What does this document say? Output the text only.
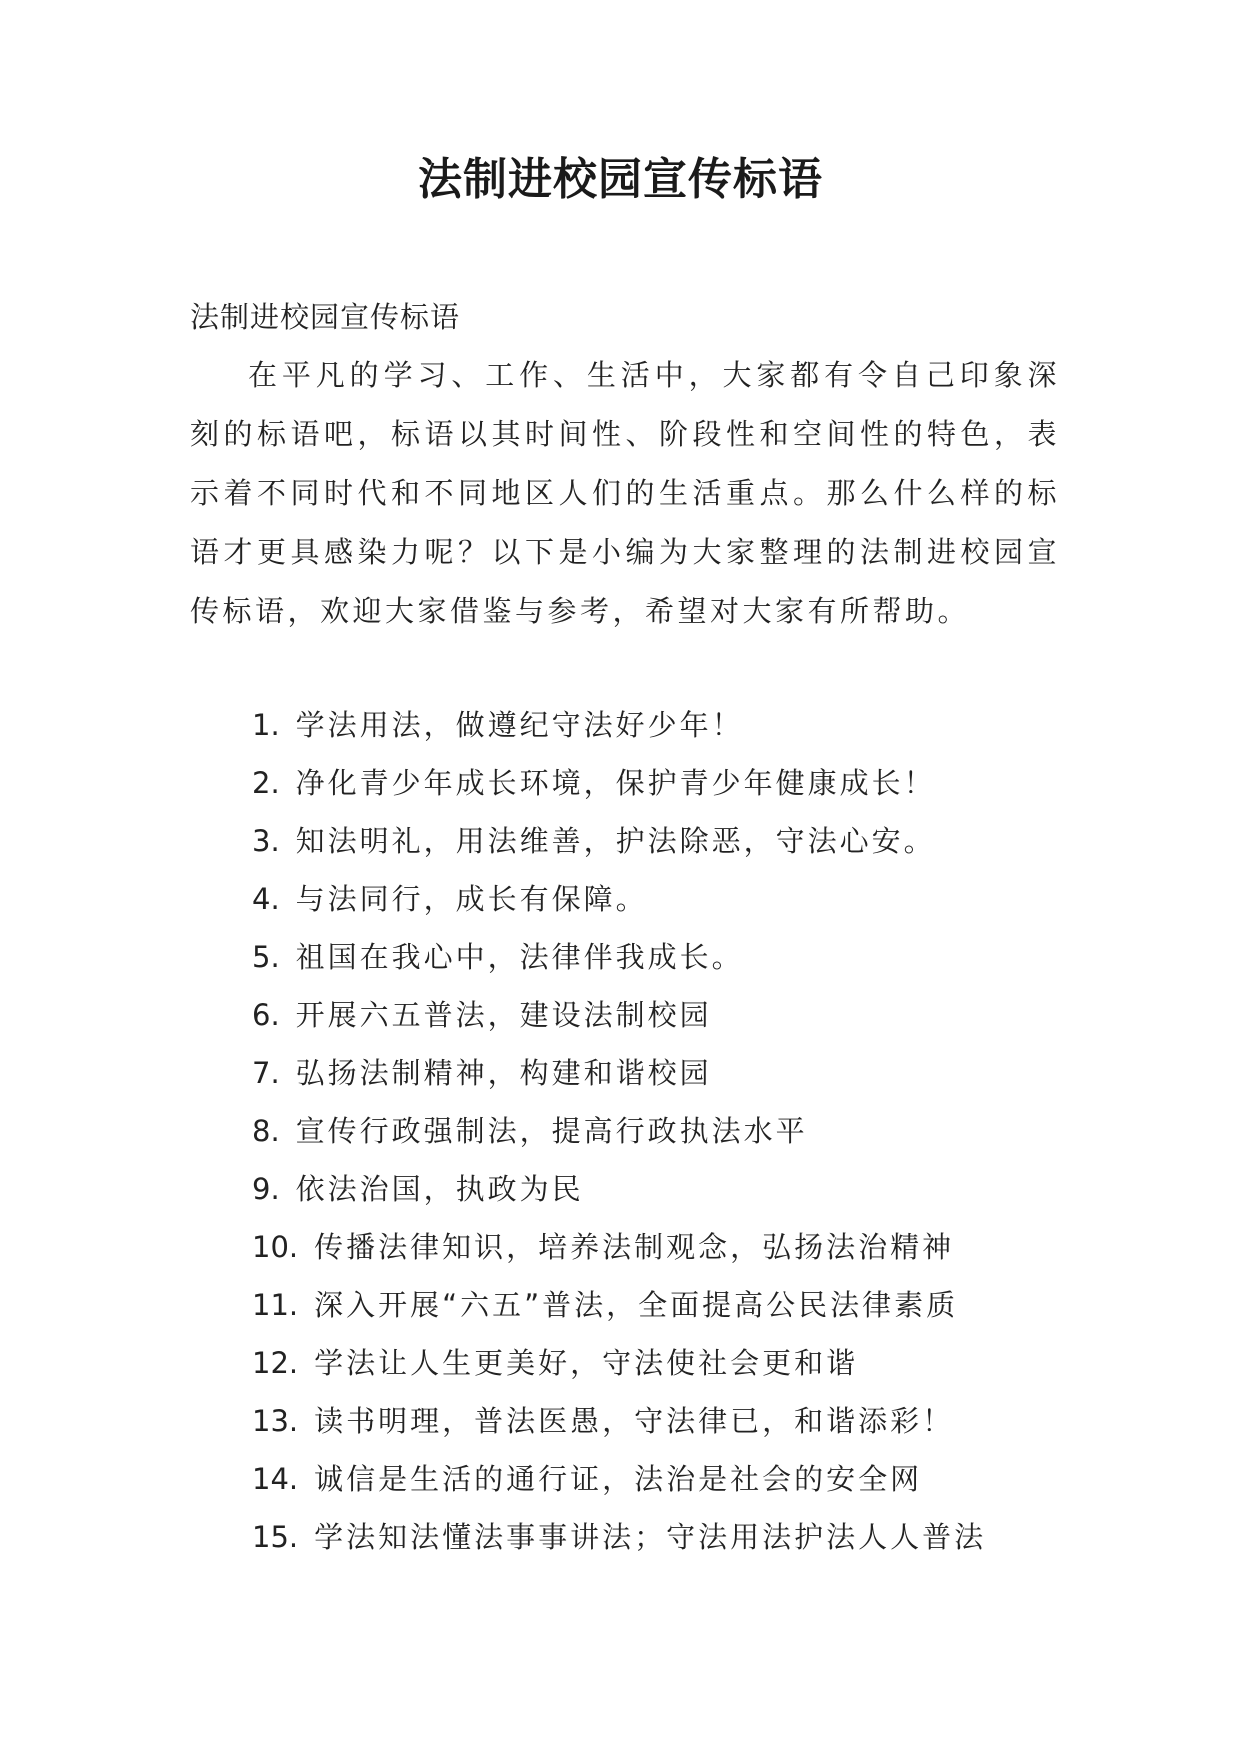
法制进校园宣传标语

法制进校园宣传标语

在平凡的学习、工作、生活中，大家都有令自己印象深刻的标语吧，标语以其时间性、阶段性和空间性的特色，表示着不同时代和不同地区人们的生活重点。那么什么样的标语才更具感染力呢？以下是小编为大家整理的法制进校园宣传标语，欢迎大家借鉴与参考，希望对大家有所帮助。

1. 学法用法，做遵纪守法好少年！
2. 净化青少年成长环境，保护青少年健康成长！
3. 知法明礼，用法维善，护法除恶，守法心安。
4. 与法同行，成长有保障。
5. 祖国在我心中，法律伴我成长。
6. 开展六五普法，建设法制校园
7. 弘扬法制精神，构建和谐校园
8. 宣传行政强制法，提高行政执法水平
9. 依法治国，执政为民
10. 传播法律知识，培养法制观念，弘扬法治精神
11. 深入开展“六五”普法，全面提高公民法律素质
12. 学法让人生更美好，守法使社会更和谐
13. 读书明理，普法医愚，守法律已，和谐添彩！
14. 诚信是生活的通行证，法治是社会的安全网
15. 学法知法懂法事事讲法；守法用法护法人人普法
